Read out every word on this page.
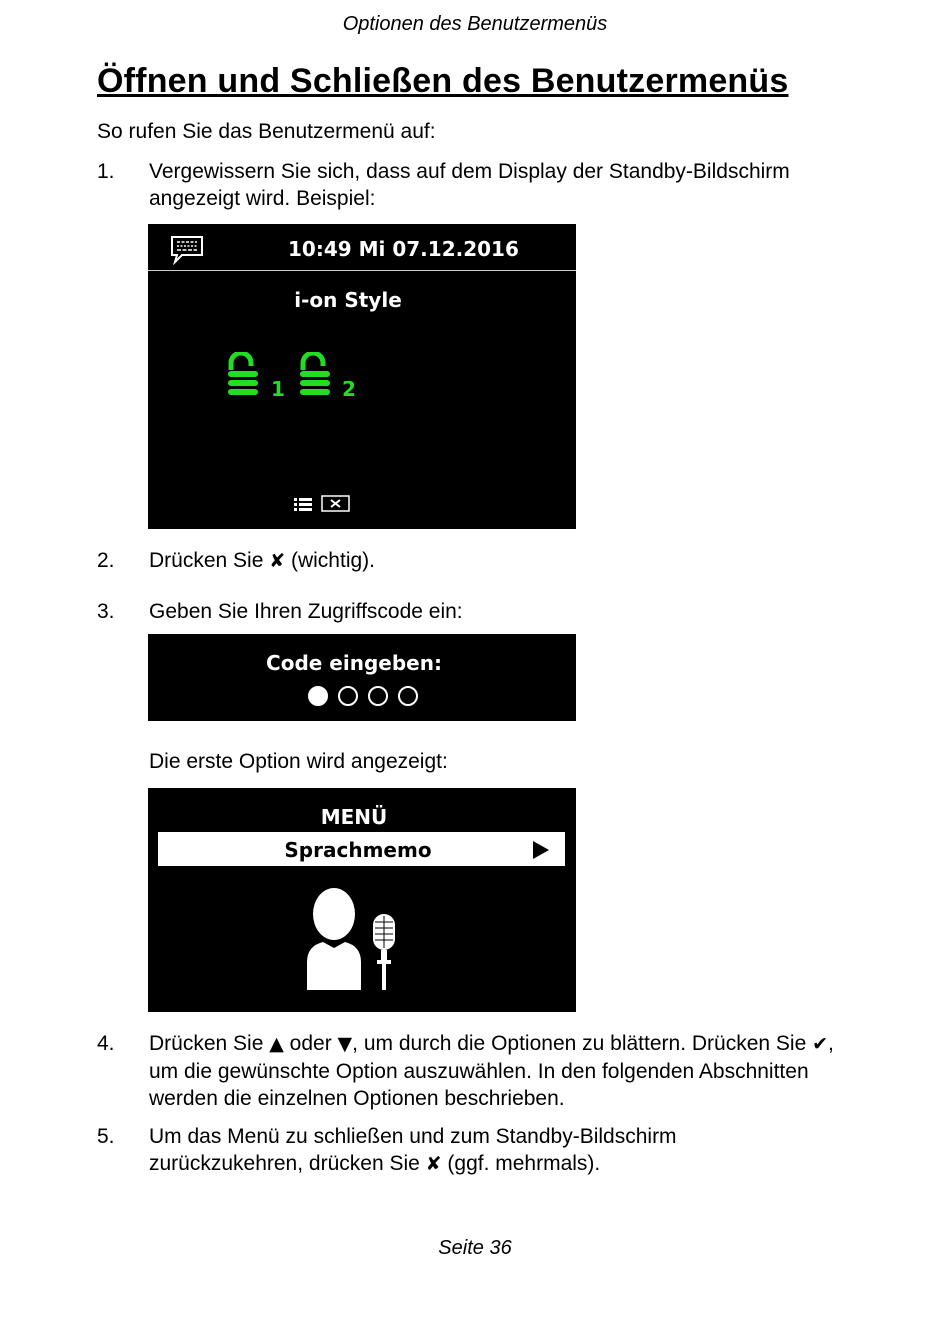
Optionen des Benutzermenüs
Öffnen und Schließen des Benutzermenüs
So rufen Sie das Benutzermenü auf:
1. Vergewissern Sie sich, dass auf dem Display der Standby-Bildschirm angezeigt wird. Beispiel:
10:49 Mi 07.12.2016
i-on Style
1	2
2. Drücken Sie ✘ (wichtig).
3. Geben Sie Ihren Zugriffscode ein:
Code eingeben:
Die erste Option wird angezeigt:
MENÜ
Sprachmemo
4. Drücken Sie ▲ oder ▼, um durch die Optionen zu blättern. Drücken Sie ✔, um die gewünschte Option auszuwählen. In den folgenden Abschnitten werden die einzelnen Optionen beschrieben.
5. Um das Menü zu schließen und zum Standby-Bildschirm zurückzukehren, drücken Sie ✘ (ggf. mehrmals).
Seite 36
